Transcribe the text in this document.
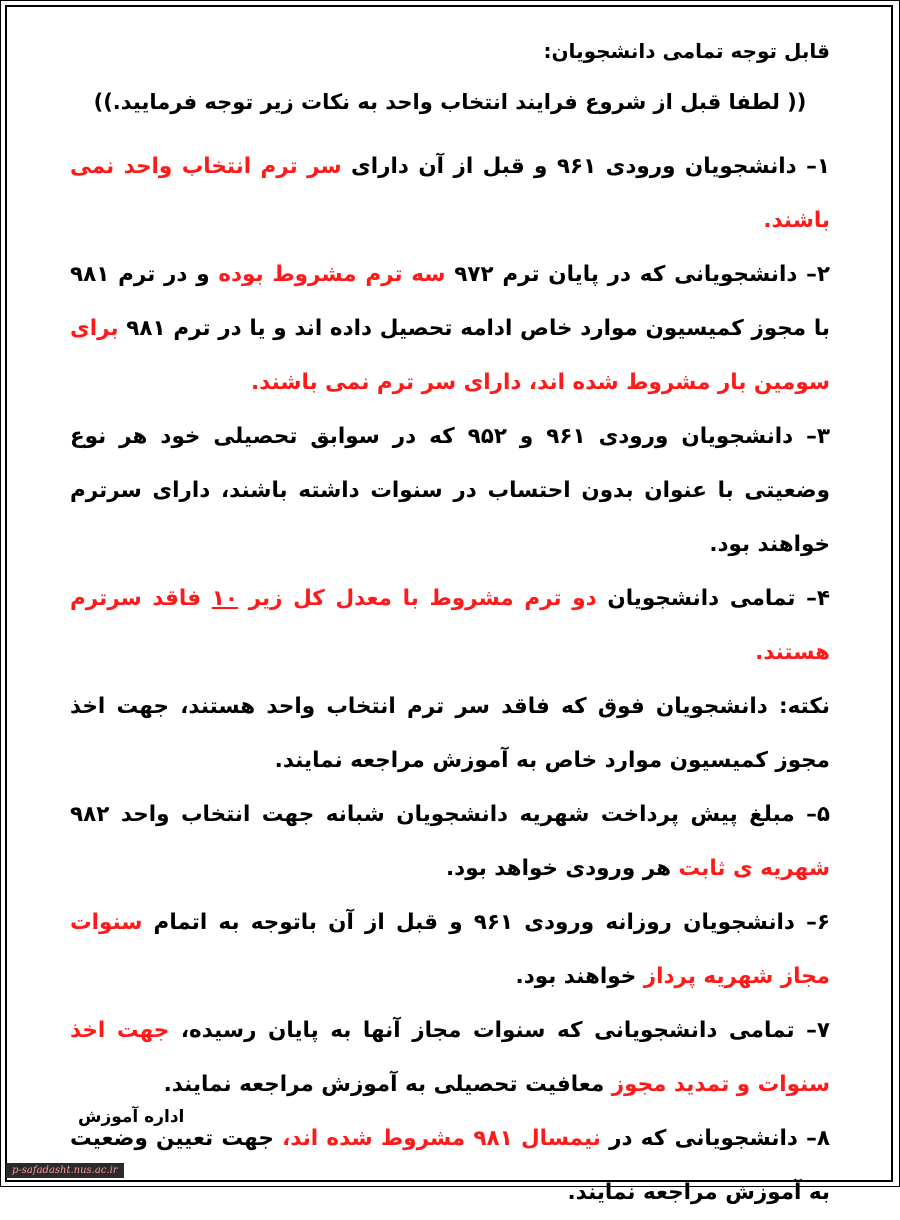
قابل توجه تمامی دانشجویان:

(( لطفا قبل از شروع فرایند انتخاب واحد به نکات زیر توجه فرمایید.))

۱– دانشجویان ورودی ۹۶۱ و قبل از آن دارای سر ترم انتخاب واحد نمی باشند.

۲– دانشجویانی که در پایان ترم ۹۷۲ سه ترم مشروط بوده و در ترم ۹۸۱ با مجوز کمیسیون موارد خاص ادامه تحصیل داده اند و یا در ترم ۹۸۱ برای سومین بار مشروط شده اند، دارای سر ترم نمی باشند.

۳– دانشجویان ورودی ۹۶۱ و ۹۵۲ که در سوابق تحصیلی خود هر نوع وضعیتی با عنوان بدون احتساب در سنوات داشته باشند، دارای سرترم خواهند بود.

۴– تمامی دانشجویان دو ترم مشروط با معدل کل زیر ۱۰ فاقد سرترم هستند.

نکته: دانشجویان فوق که فاقد سر ترم انتخاب واحد هستند، جهت اخذ مجوز کمیسیون موارد خاص به آموزش مراجعه نمایند.

۵– مبلغ پیش پرداخت شهریه دانشجویان شبانه جهت انتخاب واحد ۹۸۲ شهریه ی ثابت هر ورودی خواهد بود.

۶– دانشجویان روزانه ورودی ۹۶۱ و قبل از آن باتوجه به اتمام سنوات مجاز شهریه پرداز خواهند بود.

۷– تمامی دانشجویانی که سنوات مجاز آنها به پایان رسیده، جهت اخذ سنوات و تمدید مجوز معافیت تحصیلی به آموزش مراجعه نمایند.

۸– دانشجویانی که در نیمسال ۹۸۱ مشروط شده اند، جهت تعیین وضعیت به آموزش مراجعه نمایند.

اداره آموزش
p-safadasht.nus.ac.ir
